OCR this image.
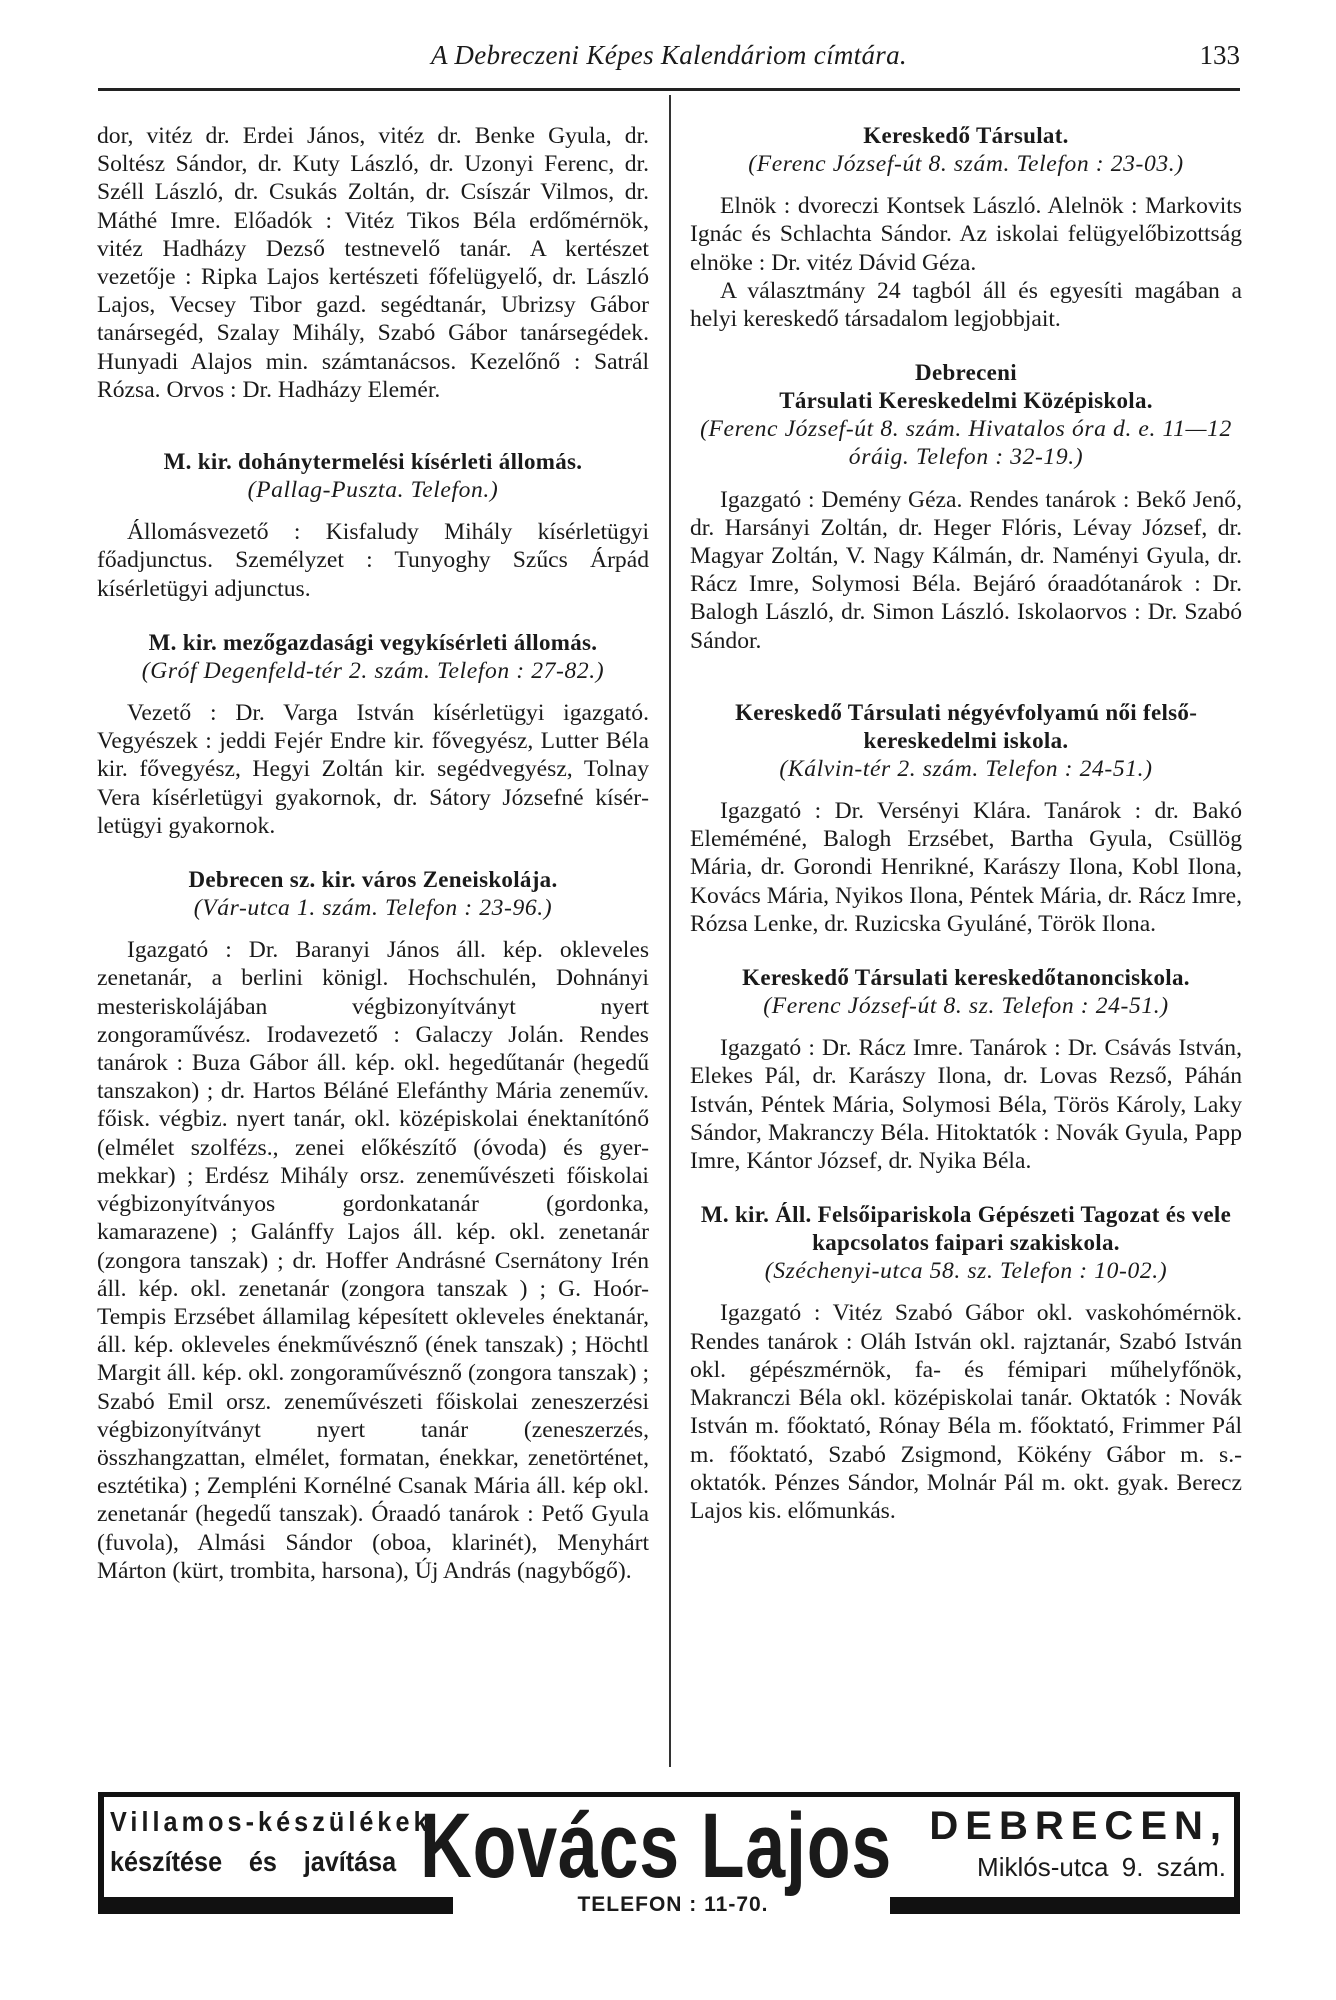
A Debreczeni Képes Kalendáriom címtára.	133

dor, vitéz dr. Erdei János, vitéz dr. Benke Gyula, dr. Soltész Sándor, dr. Kuty László, dr. Uzonyi Ferenc, dr. Széll László, dr. Csukás Zoltán, dr. Csíszár Vilmos, dr. Máthé Imre. Előadók : Vitéz Tikos Béla erdőmérnök, vitéz Hadházy Dezső testnevelő tanár. A kertészet vezetője : Ripka Lajos kertészeti főfelügyelő, dr. László Lajos, Vecsey Tibor gazd. segédtanár, Ubrizsy Gábor tanársegéd, Szalay Mihály, Szabó Gábor tanársegédek. Hunyadi Alajos min. számtanácsos. Kezelőnő : Satrál Rózsa. Orvos : Dr. Hadházy Elemér.

M. kir. dohánytermelési kísérleti állomás.
(Pallag-Puszta. Telefon.)

Állomásvezető : Kisfaludy Mihály kísérletügyi főadjunctus. Személyzet : Tunyoghy Szűcs Árpád kísérletügyi adjunctus.

M. kir. mezőgazdasági vegykísérleti állomás.
(Gróf Degenfeld-tér 2. szám. Telefon : 27-82.)

Vezető : Dr. Varga István kísérletügyi igazgató. Vegyészek : jeddi Fejér Endre kir. fővegyész, Lutter Béla kir. fővegyész, Hegyi Zoltán kir. segédvegyész, Tolnay Vera kísérletügyi gyakornok, dr. Sátory Józsefné kísérletügyi gyakornok.

Debrecen sz. kir. város Zeneiskolája.
(Vár-utca 1. szám. Telefon : 23-96.)

Igazgató : Dr. Baranyi János áll. kép. okleveles zenetanár, a berlini königl. Hochschulén, Dohnányi mesteriskolájában végbizonyítványt nyert zongoraművész. Irodavezető : Galaczy Jolán. Rendes tanárok : Buza Gábor áll. kép. okl. hegedűtanár (hegedű tanszakon) ; dr. Hartos Béláné Elefánthy Mária zeneműv. főisk. végbiz. nyert tanár, okl. középiskolai énektanítónő (elmélet szolfézs., zenei előkészítő (óvoda) és gyermekkar) ; Erdész Mihály orsz. zeneművészeti főiskolai végbizonyítványos gordonkatanár (gordonka, kamarazene) ; Galánffy Lajos áll. kép. okl. zenetanár (zongora tanszak) ; dr. Hoffer Andrásné Csernátony Irén áll. kép. okl. zenetanár (zongora tanszak ) ; G. Hoór-Tempis Erzsébet államilag képesített okleveles énektanár, áll. kép. okleveles énekművésznő (ének tanszak) ; Höchtl Margit áll. kép. okl. zongoraművésznő (zongora tanszak) ; Szabó Emil orsz. zeneművészeti főiskolai zeneszerzési végbizonyítványt nyert tanár (zeneszerzés, összhangzattan, elmélet, formatan, énekkar, zenetörténet, esztétika) ; Zempléni Kornélné Csanak Mária áll. kép okl. zenetanár (hegedű tanszak). Óraadó tanárok : Pető Gyula (fuvola), Almási Sándor (oboa, klarinét), Menyhárt Márton (kürt, trombita, harsona), Új András (nagybőgő).

Kereskedő Társulat.
(Ferenc József-út 8. szám. Telefon : 23-03.)

Elnök : dvoreczi Kontsek László. Alelnök : Markovits Ignác és Schlachta Sándor. Az iskolai felügyelőbizottság elnöke : Dr. vitéz Dávid Géza.

A választmány 24 tagból áll és egyesíti magában a helyi kereskedő társadalom legjobbjait.

Debreceni
Társulati Kereskedelmi Középiskola.
(Ferenc József-út 8. szám. Hivatalos óra d. e. 11—12 óráig. Telefon : 32-19.)

Igazgató : Demény Géza. Rendes tanárok : Bekő Jenő, dr. Harsányi Zoltán, dr. Heger Flóris, Lévay József, dr. Magyar Zoltán, V. Nagy Kálmán, dr. Naményi Gyula, dr. Rácz Imre, Solymosi Béla. Bejáró óraadótanárok : Dr. Balogh László, dr. Simon László. Iskolaorvos : Dr. Szabó Sándor.

Kereskedő Társulati négyévfolyamú női felsőkereskedelmi iskola.
(Kálvin-tér 2. szám. Telefon : 24-51.)

Igazgató : Dr. Versényi Klára. Tanárok : dr. Bakó Eleméméné, Balogh Erzsébet, Bartha Gyula, Csüllög Mária, dr. Gorondi Henrikné, Karászy Ilona, Kobl Ilona, Kovács Mária, Nyikos Ilona, Péntek Mária, dr. Rácz Imre, Rózsa Lenke, dr. Ruzicska Gyuláné, Török Ilona.

Kereskedő Társulati kereskedőtanonciskola.
(Ferenc József-út 8. sz. Telefon : 24-51.)

Igazgató : Dr. Rácz Imre. Tanárok : Dr. Csávás István, Elekes Pál, dr. Karászy Ilona, dr. Lovas Rezső, Páhán István, Péntek Mária, Solymosi Béla, Törös Károly, Laky Sándor, Makranczy Béla. Hitoktatók : Novák Gyula, Papp Imre, Kántor József, dr. Nyika Béla.

M. kir. Áll. Felsőipariskola Gépészeti Tagozat és vele kapcsolatos faipari szakiskola.
(Széchenyi-utca 58. sz. Telefon : 10-02.)

Igazgató : Vitéz Szabó Gábor okl. vaskohómérnök. Rendes tanárok : Oláh István okl. rajztanár, Szabó István okl. gépészmérnök, fa- és fémipari műhelyfőnök, Makranczi Béla okl. középiskolai tanár. Oktatók : Novák István m. főoktató, Rónay Béla m. főoktató, Frimmer Pál m. főoktató, Szabó Zsigmond, Kökény Gábor m. s.-oktatók. Pénzes Sándor, Molnár Pál m. okt. gyak. Berecz Lajos kis. előmunkás.

Villamos-készülékek
készítése és javítása Kovács Lajos DEBRECEN,
Miklós-utca 9. szám.
TELEFON : 11-70.
